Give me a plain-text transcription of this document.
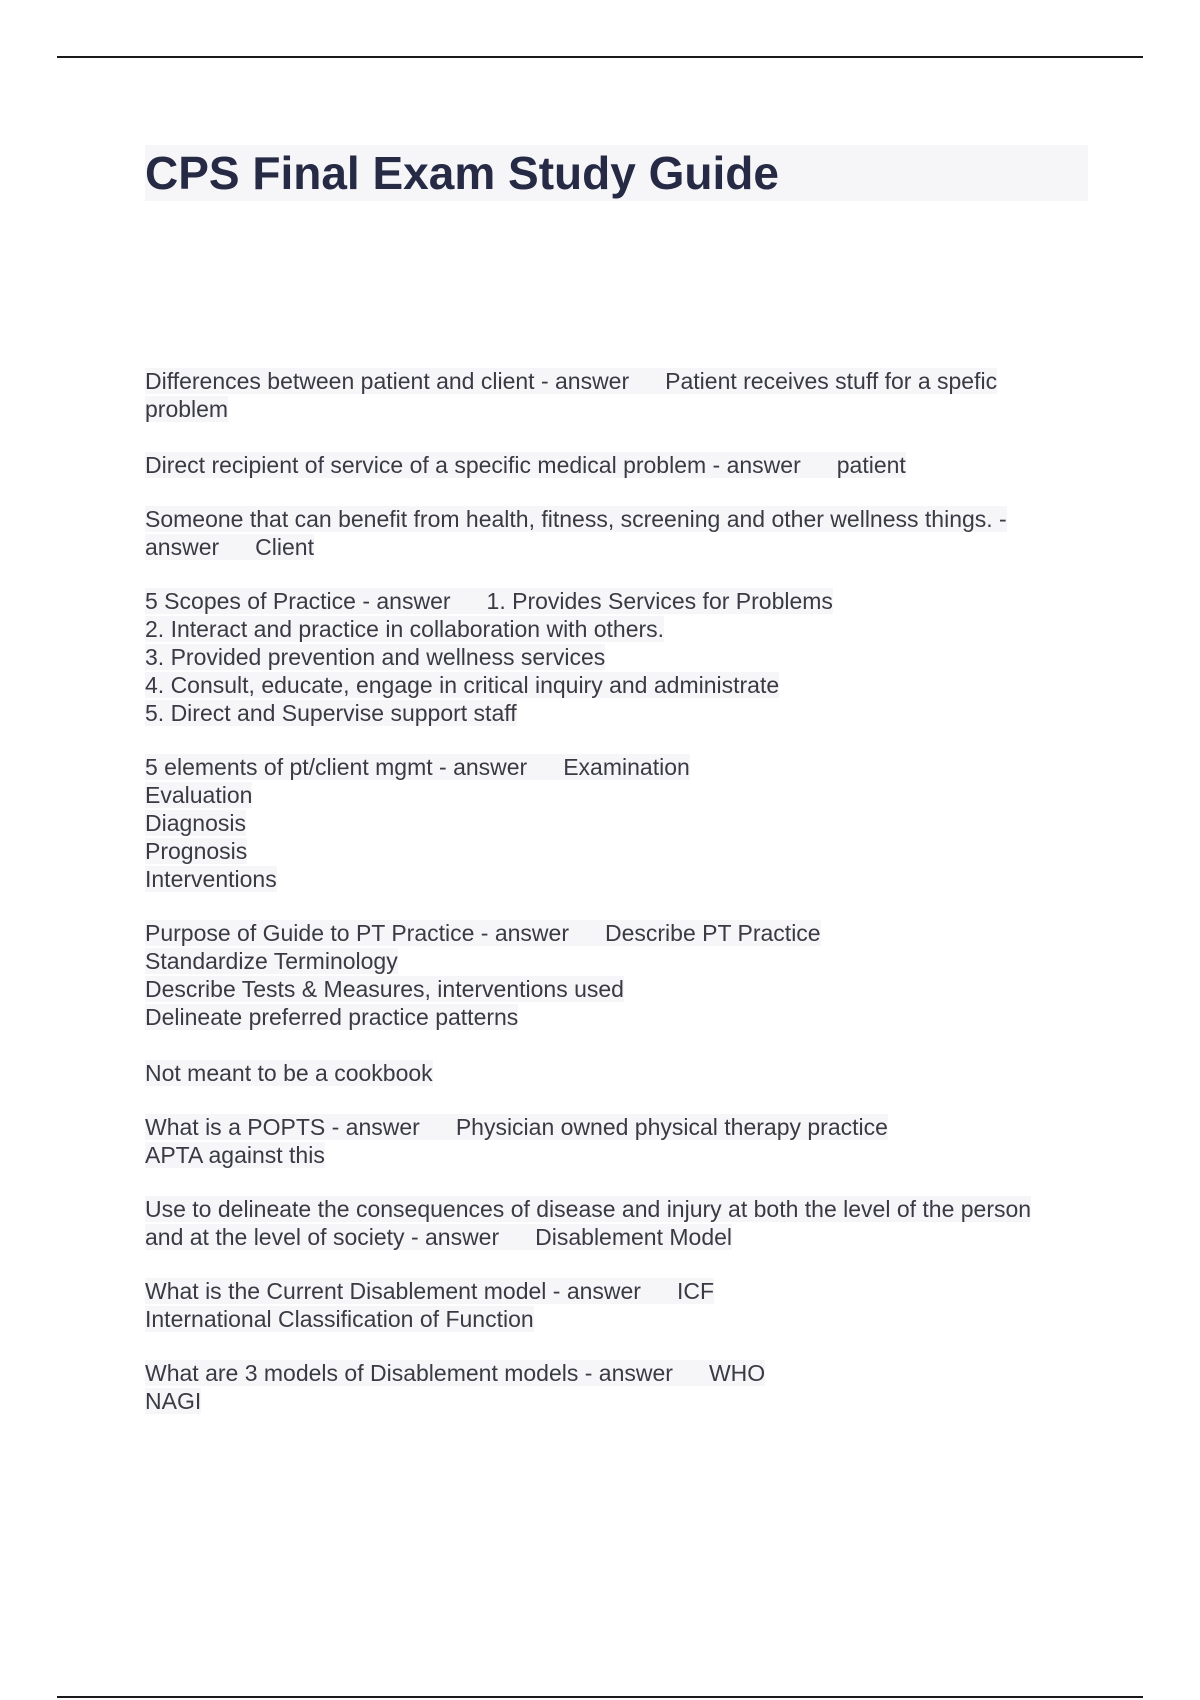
CPS Final Exam Study Guide
Differences between patient and client - answer Patient receives stuff for a spefic
problem
Direct recipient of service of a specific medical problem - answer patient
Someone that can benefit from health, fitness, screening and other wellness things. -
answer Client
5 Scopes of Practice - answer 1. Provides Services for Problems
2. Interact and practice in collaboration with others.
3. Provided prevention and wellness services
4. Consult, educate, engage in critical inquiry and administrate
5. Direct and Supervise support staff
5 elements of pt/client mgmt - answer Examination
Evaluation
Diagnosis
Prognosis
Interventions
Purpose of Guide to PT Practice - answer Describe PT Practice
Standardize Terminology
Describe Tests & Measures, interventions used
Delineate preferred practice patterns
Not meant to be a cookbook
What is a POPTS - answer Physician owned physical therapy practice
APTA against this
Use to delineate the consequences of disease and injury at both the level of the person
and at the level of society - answer Disablement Model
What is the Current Disablement model - answer ICF
International Classification of Function
What are 3 models of Disablement models - answer WHO
NAGI
